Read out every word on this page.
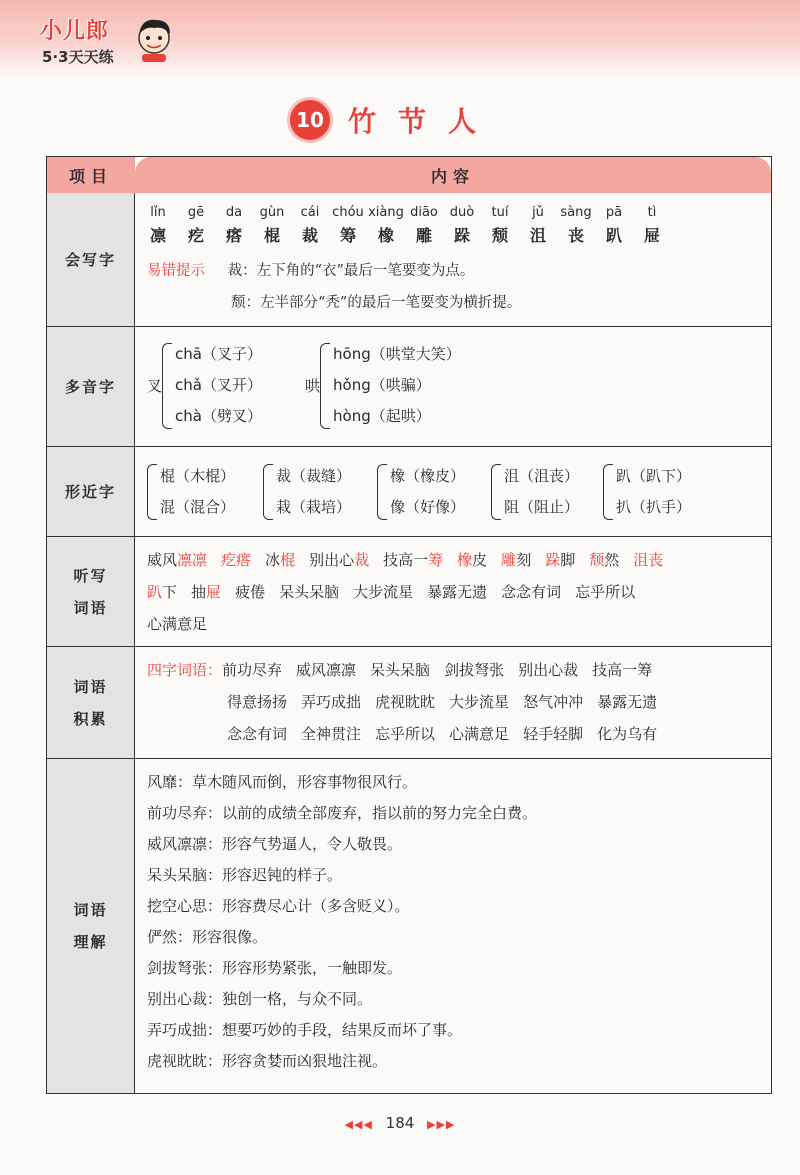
小儿郎
5·3天天练
10 竹节人
项目	内容
会写字
lǐn
凛
gē
疙
da
瘩
gùn
棍
cái
裁
chóu
筹
xiàng
橡
diāo
雕
duò
跺
tuí
颓
jǔ
沮
sàng
丧
pā
趴
tì
屉
易错提示 裁：左下角的“衣”最后一笔要变为点。
颓：左半部分“秃”的最后一笔要变为横折提。
多音字 叉
chā（叉子）
chǎ（叉开）
chà（劈叉）
哄
hōng（哄堂大笑）
hǒng（哄骗）
hòng（起哄）
形近字
棍（木棍）
混（混合）
裁（裁缝）
栽（栽培）
橡（橡皮）
像（好像）
沮（沮丧）
阻（阻止）
趴（趴下）
扒（扒手）
听写
词语
威风凛凛 疙瘩 冰棍 别出心裁 技高一筹 橡皮 雕刻 跺脚 颓然 沮丧
趴下 抽屉 疲倦 呆头呆脑 大步流星 暴露无遗 念念有词 忘乎所以
心满意足
词语
积累
四字词语：前功尽弃 威风凛凛 呆头呆脑 剑拔弩张 别出心裁 技高一筹
得意扬扬 弄巧成拙 虎视眈眈 大步流星 怒气冲冲 暴露无遗
念念有词 全神贯注 忘乎所以 心满意足 轻手轻脚 化为乌有
词语
理解
风靡：草木随风而倒，形容事物很风行。
前功尽弃：以前的成绩全部废弃，指以前的努力完全白费。
威风凛凛：形容气势逼人，令人敬畏。
呆头呆脑：形容迟钝的样子。
挖空心思：形容费尽心计（多含贬义）。
俨然：形容很像。
剑拔弩张：形容形势紧张，一触即发。
别出心裁：独创一格，与众不同。
弄巧成拙：想要巧妙的手段，结果反而坏了事。
虎视眈眈：形容贪婪而凶狠地注视。
◀◀◀ 184 ▶▶▶
